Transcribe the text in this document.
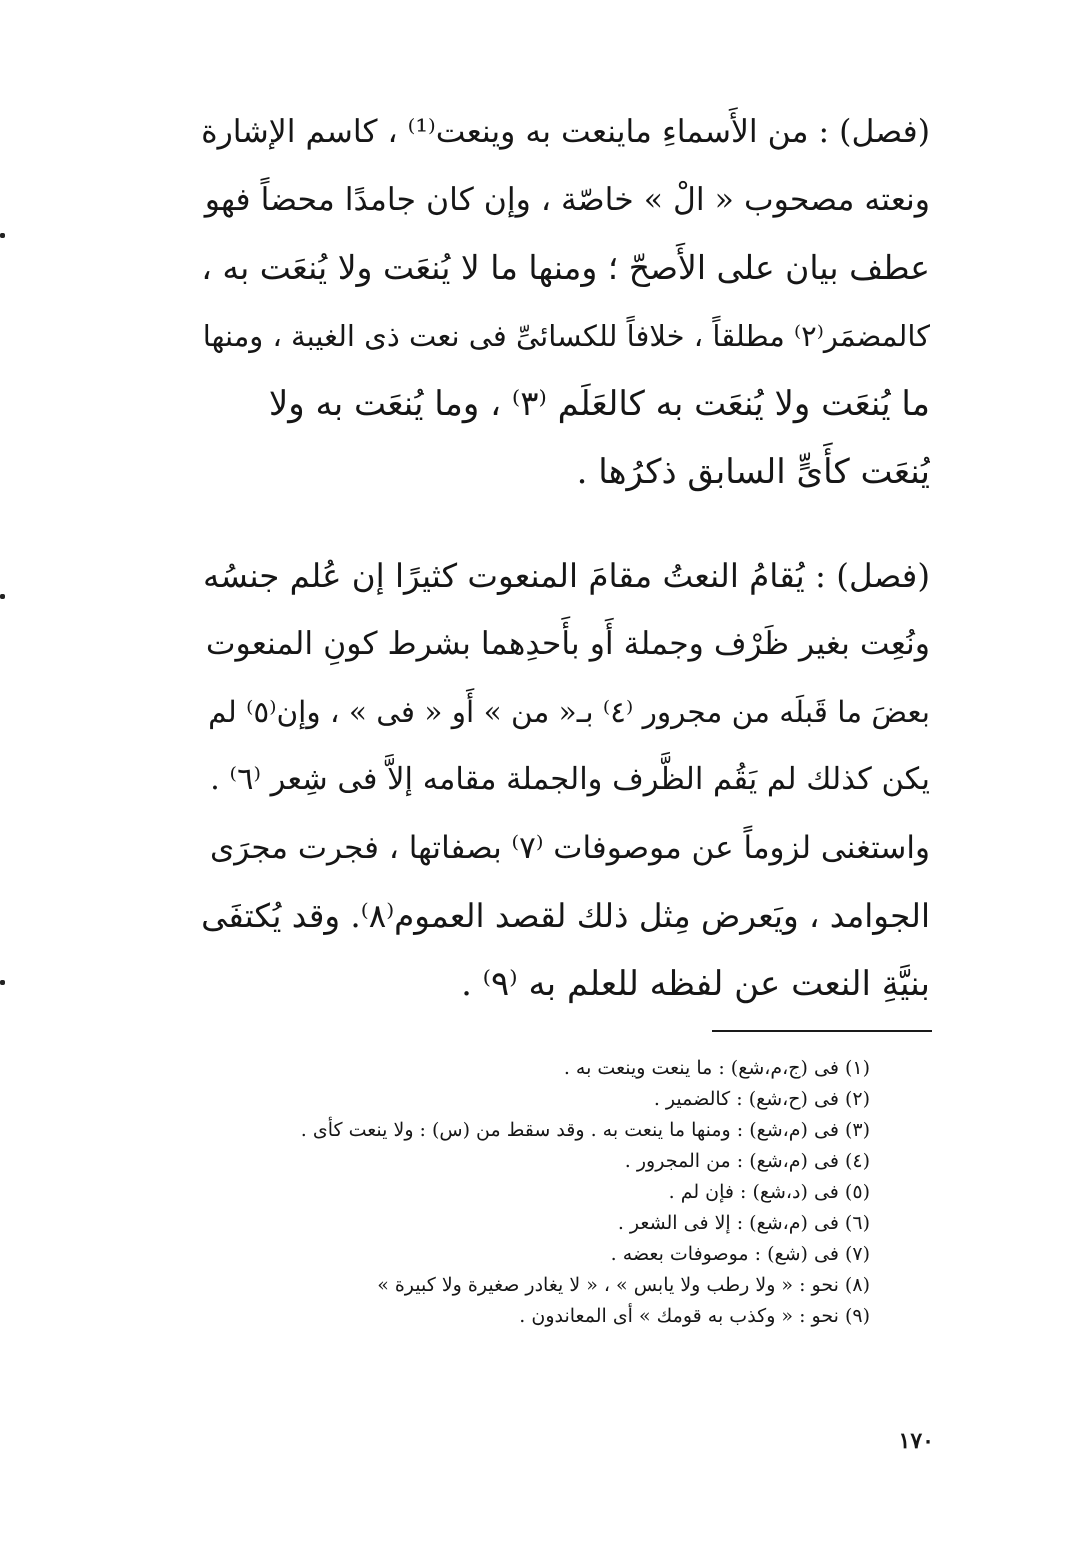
(فصل) : من الأَسماءِ ماينعت به وينعت⁽¹⁾ ، كاسم الإشارة
ونعته مصحوب « الْ » خاصّة ، وإن كان جامدًا محضاً فهو
عطف بيان على الأَصحّ ؛ ومنها ما لا يُنعَت ولا يُنعَت به ،
كالمضمَر⁽٢⁾ مطلقاً ، خلافاً للكسائىِّ فى نعت ذى الغيبة ، ومنها
ما يُنعَت ولا يُنعَت به كالعَلَم ⁽٣⁾ ، وما يُنعَت به ولا
يُنعَت كأَىٍّ السابق ذكرُها .
(فصل) : يُقامُ النعتُ مقامَ المنعوت كثيرًا إن عُلم جنسُه
ونُعِت بغير ظَرْف وجملة أَو بأَحدِهما بشرط كونِ المنعوت
بعضَ ما قَبلَه من مجرور ⁽٤⁾ بـ« من » أَو « فى » ، وإن⁽٥⁾ لم
يكن كذلك لم يَقُم الظَّرف والجملة مقامه إلاَّ فى شِعر ⁽٦⁾ .
واستغنى لزوماً عن موصوفات ⁽٧⁾ بصفاتها ، فجرت مجرَى
الجوامد ، ويَعرض مِثل ذلك لقصد العموم⁽٨⁾. وقد يُكتفَى
بنيَّةِ النعت عن لفظه للعلم به ⁽٩⁾ .
(١) فى (ج،م،شع) : ما ينعت وينعت به .
(٢) فى (ح،شع) : كالضمير .
(٣) فى (م،شع) : ومنها ما ينعت به . وقد سقط من (س) : ولا ينعت كأى .
(٤) فى (م،شع) : من المجرور .
(٥) فى (د،شع) : فإن لم .
(٦) فى (م،شع) : إلا فى الشعر .
(٧) فى (شع) : موصوفات بعضه .
(٨) نحو : « ولا رطب ولا يابس » ، « لا يغادر صغيرة ولا كبيرة »
(٩) نحو : « وكذب به قومك » أى المعاندون .
١٧٠
